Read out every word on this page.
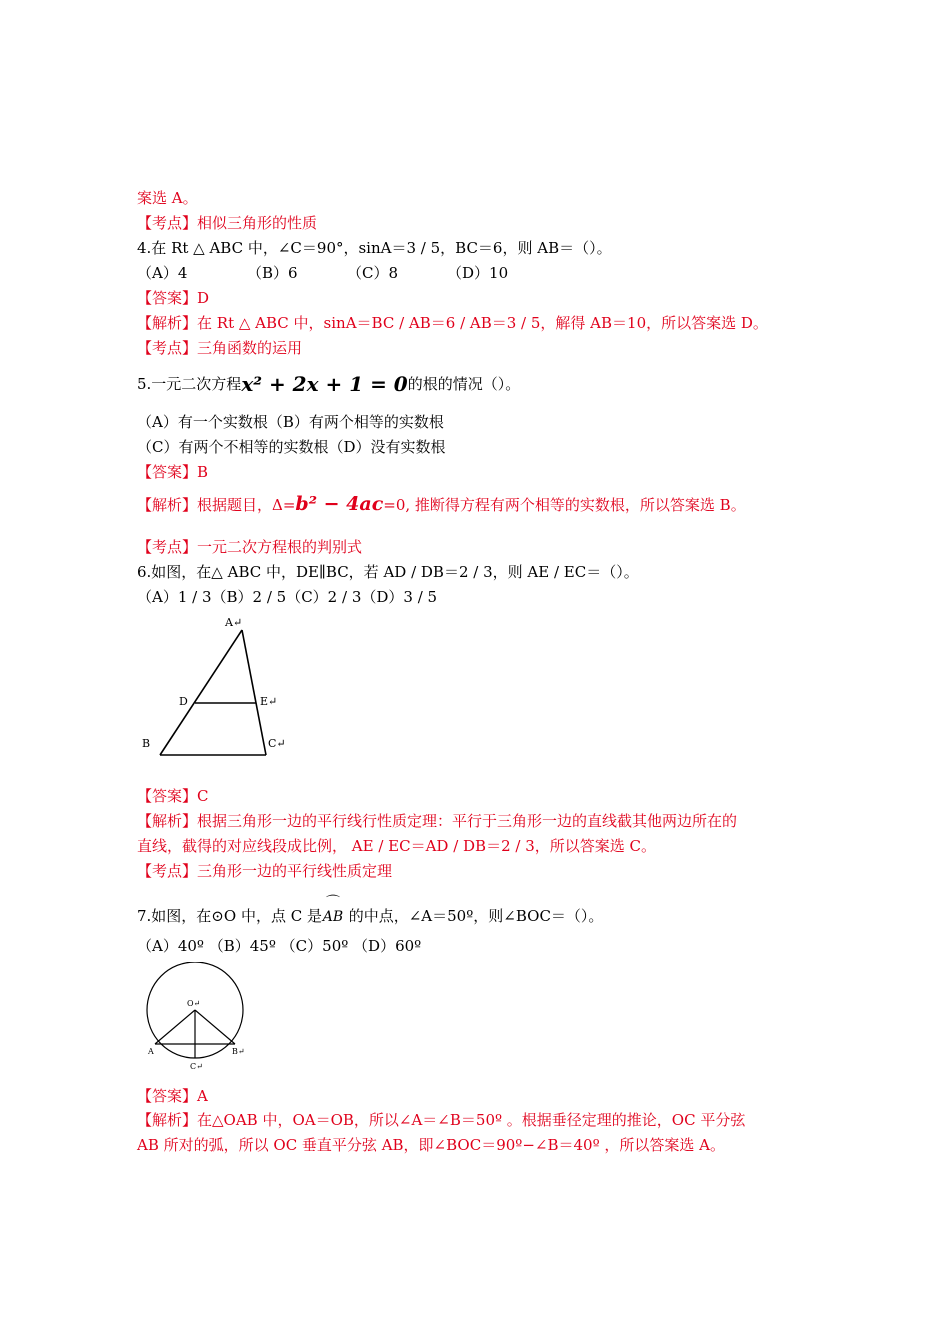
案选 A。
【考点】相似三角形的性质
4.在 Rt △ ABC 中，∠C＝90°，sinA＝3 / 5，BC＝6，则 AB＝（）。
（A）4	（B）6	（C）8	（D）10
【答案】D
【解析】在 Rt △ ABC 中，sinA＝BC / AB＝6 / AB＝3 / 5，解得 AB＝10，所以答案选 D。
【考点】三角函数的运用
5.一元二次方程x² + 2x + 1 = 0的根的情况（）。
（A）有一个实数根（B）有两个相等的实数根
（C）有两个不相等的实数根（D）没有实数根
【答案】B
【解析】根据题目，Δ=b² − 4ac=0, 推断得方程有两个相等的实数根，所以答案选 B。
【考点】一元二次方程根的判别式
6.如图，在△ ABC 中，DE∥BC，若 AD / DB＝2 / 3，则 AE / EC＝（）。
（A）1 / 3（B）2 / 5（C）2 / 3（D）3 / 5
A↵
D	E↵
B	C↵
【答案】C
【解析】根据三角形一边的平行线行性质定理：平行于三角形一边的直线截其他两边所在的
直线，截得的对应线段成比例， AE / EC＝AD / DB＝2 / 3，所以答案选 C。
【考点】三角形一边的平行线性质定理
7.如图，在⊙O 中，点 C 是
⌒
AB 的中点，∠A＝50º，则∠BOC＝（）。
（A）40º （B）45º （C）50º （D）60º
O↵
A	B↵
C↵
【答案】A
【解析】在△OAB 中，OA＝OB，所以∠A＝∠B＝50º 。根据垂径定理的推论，OC 平分弦
AB 所对的弧，所以 OC 垂直平分弦 AB，即∠BOC＝90º−∠B＝40º ，所以答案选 A。
